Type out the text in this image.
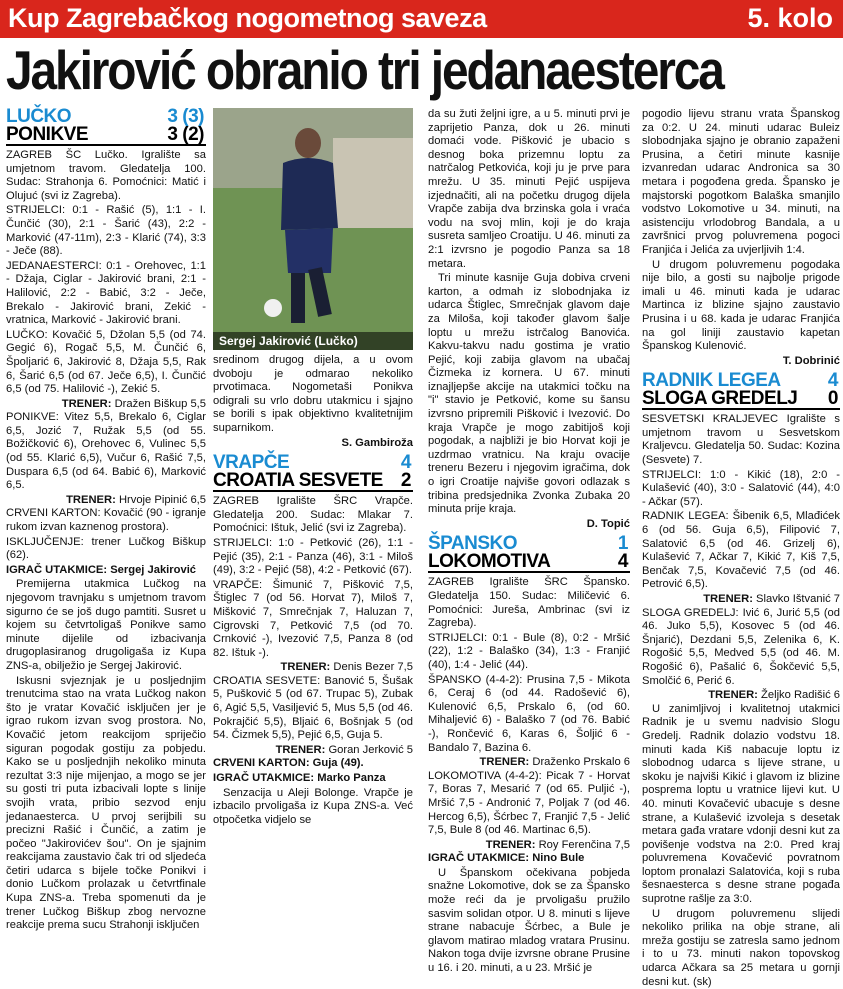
Kup Zagrebačkog nogometnog saveza	5. kolo
Jakirović obranio tri jedanaesterca
LUČKO	3 (3)
PONIKVE	3 (2)

ZAGREB ŠC Lučko. Igralište sa umjetnom travom. Gledatelja 100. Sudac: Strahonja 6. Pomoćnici: Matić i Olujuć (svi iz Zagreba).

STRIJELCI: 0:1 - Rašić (5), 1:1 - I. Čunčić (30), 2:1 - Šarić (43), 2:2 - Marković (47-11m), 2:3 - Klarić (74), 3:3 - Ječe (88).

JEDANAESTERCI: 0:1 - Orehovec, 1:1 - Džaja, Ciglar - Jakirović brani, 2:1 - Halilović, 2:2 - Babić, 3:2 - Ječe, Brekalo - Jakirović brani, Zekić - vratnica, Marković - Jakirović brani.

LUČKO: Kovačić 5, Džolan 5,5 (od 74. Gegić 6), Rogač 5,5, M. Čunčić 6, Špoljarić 6, Jakirović 8, Džaja 5,5, Rak 6, Šarić 6,5 (od 67. Ječe 6,5), I. Čunčić 6,5 (od 75. Halilović -), Zekić 5.

TRENER: Dražen Biškup 5,5

PONIKVE: Vitez 5,5, Brekalo 6, Ciglar 6,5, Jozić 7, Ružak 5,5 (od 55. Božičković 6), Orehovec 6, Vulinec 5,5 (od 55. Klarić 6,5), Vučur 6, Rašić 7,5, Duspara 6,5 (od 64. Babić 6), Marković 6,5.

TRENER: Hrvoje Pipinić 6,5

CRVENI KARTON: Kovačić (90 - igranje rukom izvan kaznenog prostora).

ISKLJUČENJE: trener Lučkog Biškup (62).

IGRAČ UTAKMICE: Sergej Jakirović

Premijerna utakmica Lučkog na njegovom travnjaku s umjetnom travom sigurno će se još dugo pamtiti. Susret u kojem su četvrtoligaš Ponikve samo minute dijelile od izbacivanja drugoplasiranog drugoligaša iz Kupa ZNS-a, obilježio je Sergej Jakirović.

Iskusni svjeznjak je u posljednjim trenutcima stao na vrata Lučkog nakon što je vratar Kovačić isključen jer je igrao rukom izvan svog prostora. No, Kovačić jetom reakcijom spriječio siguran pogodak gostiju za pobjedu. Kako se u posljednjih nekoliko minuta rezultat 3:3 nije mijenjao, a mogo se jer su gosti tri puta izbacivali lopte s linije svojih vrata, pribio sezvod enju jedanaesterca. U prvoj serijbili su precizni Rašić i Čunčić, a zatim je počeo "Jakirovićev šou". On je sjajnim reakcijama zaustavio čak tri od sljedeća četiri udarca s bijele točke Ponikvi i donio Lučkom prolazak u četvrtfinale Kupa ZNS-a. Treba spomenuti da je trener Lučkog Biškup zbog nervozne reakcije prema sucu Strahonji isključen

Sergej Jakirović (Lučko)

sredinom drugog dijela, a u ovom dvoboju je odmarao nekoliko prvotimaca. Nogometaši Ponikva odigrali su vrlo dobru utakmicu i sjajno se borili s ipak objektivno kvalitetnijim suparnikom.

S. Gambiroža
VRAPČE	4
CROATIA SESVETE 2

ZAGREB Igralište ŠRC Vrapče. Gledatelja 200. Sudac: Mlakar 7. Pomoćnici: Ištuk, Jelić (svi iz Zagreba).

STRIJELCI: 1:0 - Petković (26), 1:1 - Pejić (35), 2:1 - Panza (46), 3:1 - Miloš (49), 3:2 - Pejić (58), 4:2 - Petković (67).

VRAPČE: Šimunić 7, Pišković 7,5, Štiglec 7 (od 56. Horvat 7), Miloš 7, Mišković 7, Smrečnjak 7, Haluzan 7, Cigrovski 7, Petković 7,5 (od 70. Crnković -), Ivezović 7,5, Panza 8 (od 82. Ištuk -).

TRENER: Denis Bezer 7,5

CROATIA SESVETE: Banović 5, Šušak 5, Pušković 5 (od 67. Trupac 5), Zubak 6, Agić 5,5, Vasiljević 5, Mus 5,5 (od 46. Pokrajčić 5,5), Bljaić 6, Bošnjak 5 (od 54. Čizmek 5,5), Pejić 6,5, Guja 5.

TRENER: Goran Jerković 5

CRVENI KARTON: Guja (49).

IGRAČ UTAKMICE: Marko Panza

Senzacija u Aleji Bolonge. Vrapče je izbacilo prvoligaša iz Kupa ZNS-a. Već otpočetka vidjelo se

da su žuti željni igre, a u 5. minuti prvi je zaprijetio Panza, dok u 26. minuti domaći vode. Pišković je ubacio s desnog boka prizemnu loptu za natrčalog Petkovića, koji ju je prve para mrežu. U 35. minuti Pejić uspijeva izjednačiti, ali na početku drugog dijela Vrapče zabija dva brzinska gola i vraća vodu na svoj mlin, koji je do kraja susreta samljeo Croatiju. U 46. minuti za 2:1 izvrsno je pogodio Panza sa 18 metara.

Tri minute kasnije Guja dobiva crveni karton, a odmah iz slobodnjaka iz udarca Štiglec, Smrečnjak glavom daje za Miloša, koji također glavom šalje loptu u mrežu istrčalog Banovića. Kakvu-takvu nadu gostima je vratio Pejić, koji zabija glavom na ubačaj Čizmeka iz kornera. U 67. minuti iznajljepše akcije na utakmici točku na "i" stavio je Petković, kome su šansu izvrsno pripremili Pišković i Ivezović. Do kraja Vrapče je mogo zabitijoš koji pogodak, a najbliži je bio Horvat koji je uzdrmao vratnicu. Na kraju ovacije treneru Bezeru i njegovim igračima, dok o igri Croatije najviše govori odlazak s tribina predsjednika Zvonka Zubaka 20 minuta prije kraja.

D. Topić
ŠPANSKO	1
LOKOMOTIVA	4

ZAGREB Igralište ŠRC Špansko. Gledatelja 150. Sudac: Miličević 6. Pomoćnici: Jureša, Ambrinac (svi iz Zagreba).

STRIJELCI: 0:1 - Bule (8), 0:2 - Mršić (22), 1:2 - Balaško (34), 1:3 - Franjić (40), 1:4 - Jelić (44).

ŠPANSKO (4-4-2): Prusina 7,5 - Mikota 6, Ceraj 6 (od 44. Radošević 6), Kulenović 6,5, Prskalo 6, (od 60. Mihaljević 6) - Balaško 7 (od 76. Babić -), Rončević 6, Karas 6, Šoljić 6 - Bandalo 7, Bazina 6.

TRENER: Draženko Prskalo 6

LOKOMOTIVA (4-4-2): Picak 7 - Horvat 7, Boras 7, Mesarić 7 (od 65. Puljić -), Mršić 7,5 - Andronić 7, Poljak 7 (od 46. Hercog 6,5), Šćrbec 7, Franjić 7,5 - Jelić 7,5, Bule 8 (od 46. Martinac 6,5).

TRENER: Roy Ferenčina 7,5

IGRAČ UTAKMICE: Nino Bule

U Španskom očekivana pobjeda snažne Lokomotive, dok se za Špansko može reći da je prvoligašu pružilo sasvim solidan otpor. U 8. minuti s lijeve strane nabacuje Šćrbec, a Bule je glavom matirao mladog vratara Prusinu. Nakon toga dvije izvrsne obrane Prusine u 16. i 20. minuti, a u 23. Mršić je

pogodio lijevu stranu vrata Španskog za 0:2. U 24. minuti udarac Buleiz slobodnjaka sjajno je obranio zapaženi Prusina, a četiri minute kasnije izvanredan udarac Andronica sa 30 metara i pogođena greda. Špansko je majstorski pogotkom Balaška smanjilo vodstvo Lokomotive u 34. minuti, na asistenciju vrlodobrog Bandala, a u završnici prvog poluvremena pogoci Franjića i Jelića za uvjerljivih 1:4.

U drugom poluvremenu pogodaka nije bilo, a gosti su najbolje prigode imali u 46. minuti kada je udarac Martinca iz blizine sjajno zaustavio Prusina i u 68. kada je udarac Franjića na gol liniji zaustavio kapetan Španskog Kulenović.

T. Dobrinić
RADNIK LEGEA 4
SLOGA GREDELJ 0

SESVETSKI KRALJEVEC Igralište s umjetnom travom u Sesvetskom Kraljevcu. Gledatelja 50. Sudac: Kozina (Sesvete) 7.

STRIJELCI: 1:0 - Kikić (18), 2:0 - Kulašević (40), 3:0 - Salatović (44), 4:0 - Ačkar (57).

RADNIK LEGEA: Šibenik 6,5, Mlađićek 6 (od 56. Guja 6,5), Filipović 7, Salatović 6,5 (od 46. Grizelj 6), Kulašević 7, Ačkar 7, Kikić 7, Kiš 7,5, Benčak 7,5, Kovačević 7,5 (od 46. Petrović 6,5).

TRENER: Slavko Ištvanić 7

SLOGA GREDELJ: Ivić 6, Jurić 5,5 (od 46. Juko 5,5), Kosovec 5 (od 46. Šnjarić), Dezdani 5,5, Zelenika 6, K. Rogošić 5,5, Medved 5,5 (od 46. M. Rogošić 6), Pašalić 6, Šokčević 5,5, Smolčić 6, Perić 6.

TRENER: Željko Radišić 6

U zanimljivoj i kvalitetnoj utakmici Radnik je u svemu nadvisio Slogu Gredelj. Radnik dolazio vodstvu 18. minuti kada Kiš nabacuje loptu iz slobodnog udarca s lijeve strane, u skoku je najviši Kikić i glavom iz blizine pospremа loptu u vratnice lijevi kut. U 40. minuti Kovačević ubacuje s desne strane, a Kulašević izvoleja s desetak metara gađa vratare vdonji desni kut za povišenje vodstva na 2:0. Pred kraj poluvremena Kovačević povratnom loptom pronalazi Salatovića, koji s ruba šesnaesterca s desne strane pogađa suprotne rašlje za 3:0.

U drugom poluvremenu slijedi nekoliko prilika na obje strane, ali mreža gostiju se zatresla samo jednom i to u 73. minuti nakon topovskog udarca Ačkara sa 25 metara u gornji desni kut. (sk)
